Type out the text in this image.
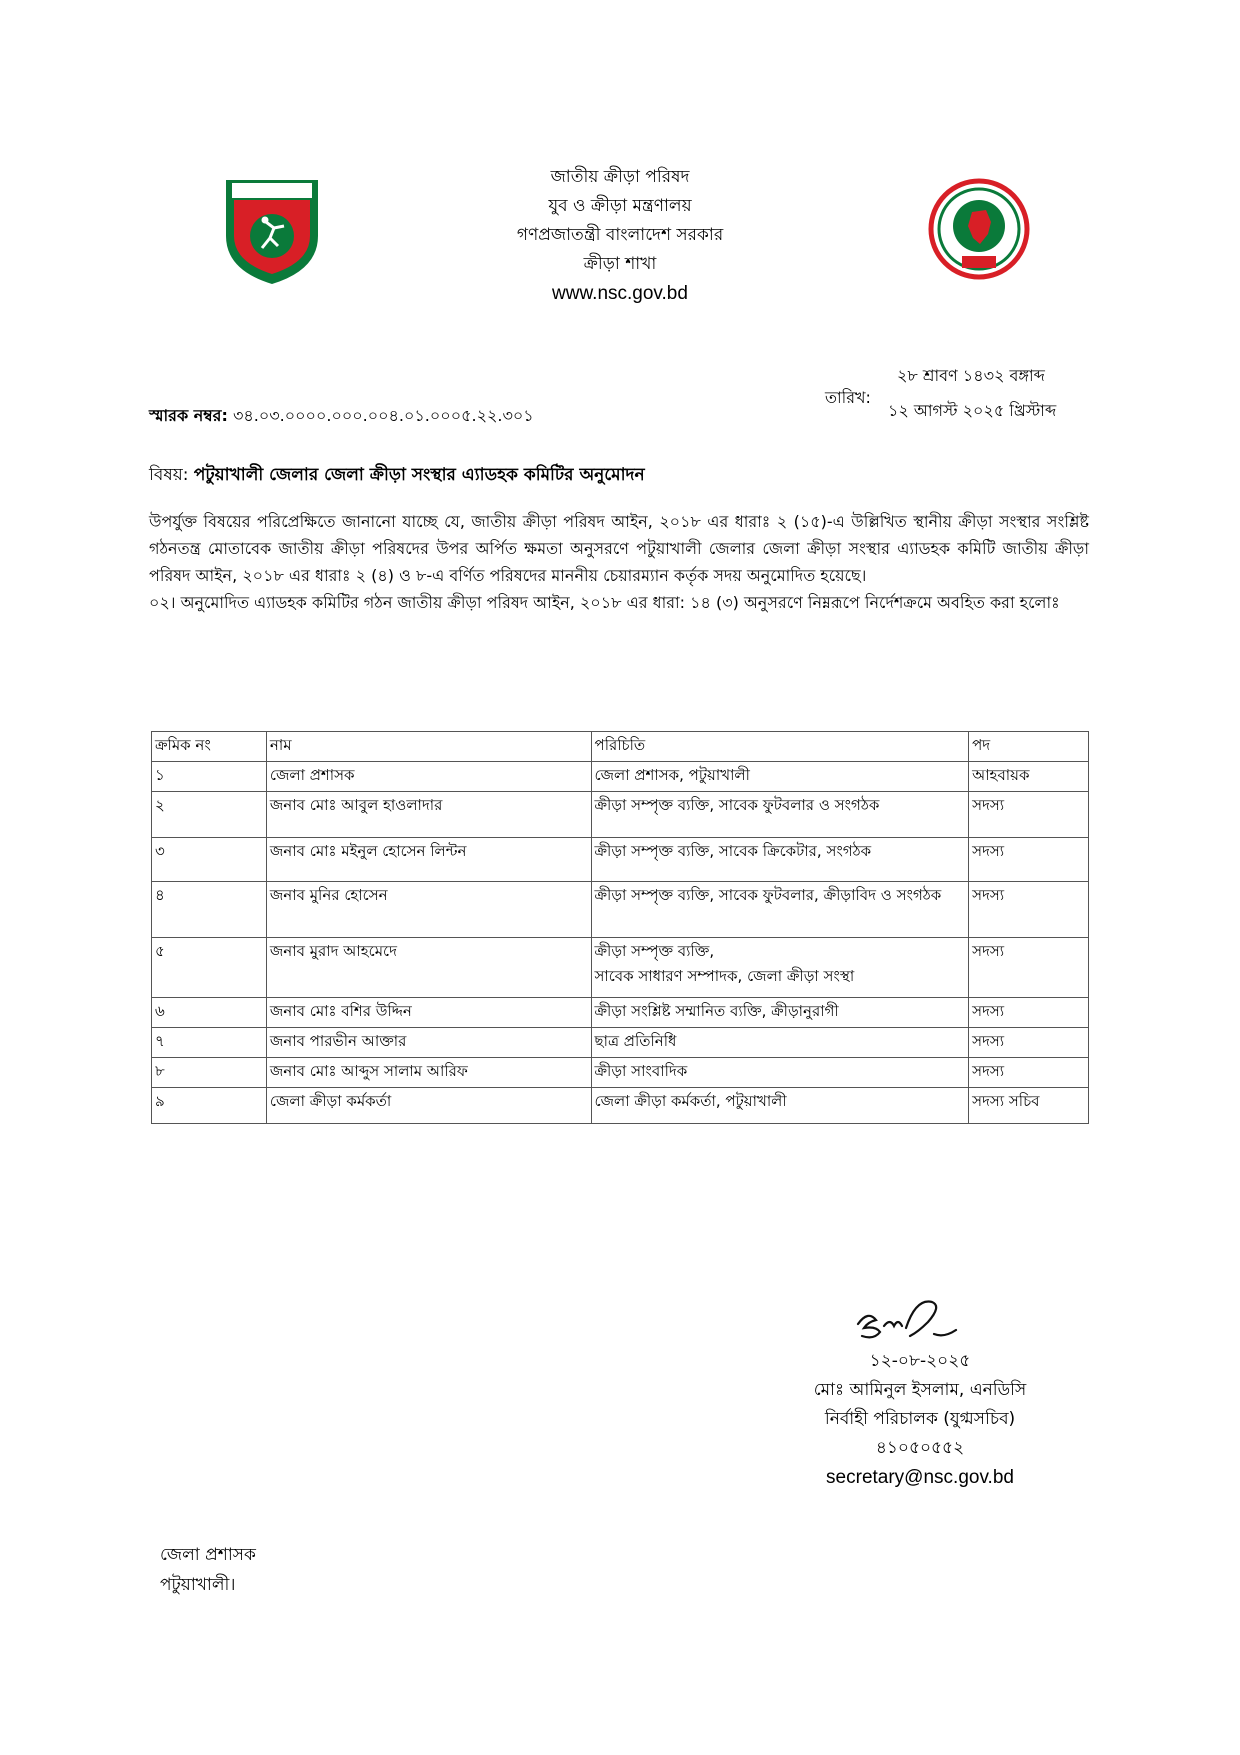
জাতীয় ক্রীড়া পরিষদ
যুব ও ক্রীড়া মন্ত্রণালয়
গণপ্রজাতন্ত্রী বাংলাদেশ সরকার
ক্রীড়া শাখা
www.nsc.gov.bd
তারিখ:
২৮ শ্রাবণ ১৪৩২ বঙ্গাব্দ
১২ আগস্ট ২০২৫ খ্রিস্টাব্দ
স্মারক নম্বর: ৩৪.০৩.০০০০.০০০.০০৪.০১.০০০৫.২২.৩০১
বিষয়: পটুয়াখালী জেলার জেলা ক্রীড়া সংস্থার এ্যাডহক কমিটির অনুমোদন

উপর্যুক্ত বিষয়ের পরিপ্রেক্ষিতে জানানো যাচ্ছে যে, জাতীয় ক্রীড়া পরিষদ আইন, ২০১৮ এর ধারাঃ ২ (১৫)-এ উল্লিখিত স্থানীয় ক্রীড়া সংস্থার সংশ্লিষ্ট গঠনতন্ত্র মোতাবেক জাতীয় ক্রীড়া পরিষদের উপর অর্পিত ক্ষমতা অনুসরণে পটুয়াখালী জেলার জেলা ক্রীড়া সংস্থার এ্যাডহক কমিটি জাতীয় ক্রীড়া পরিষদ আইন, ২০১৮ এর ধারাঃ ২ (৪) ও ৮-এ বর্ণিত পরিষদের মাননীয় চেয়ারম্যান কর্তৃক সদয় অনুমোদিত হয়েছে।

০২। অনুমোদিত এ্যাডহক কমিটির গঠন জাতীয় ক্রীড়া পরিষদ আইন, ২০১৮ এর ধারা: ১৪ (৩) অনুসরণে নিম্নরূপে নির্দেশক্রমে অবহিত করা হলোঃ

ক্রমিক নং	নাম	পরিচিতি	পদ
১	জেলা প্রশাসক	জেলা প্রশাসক, পটুয়াখালী	আহবায়ক
২	জনাব মোঃ আবুল হাওলাদার	ক্রীড়া সম্পৃক্ত ব্যক্তি, সাবেক ফুটবলার ও সংগঠক	সদস্য
৩	জনাব মোঃ মইনুল হোসেন লিন্টন	ক্রীড়া সম্পৃক্ত ব্যক্তি, সাবেক ক্রিকেটার, সংগঠক	সদস্য
৪	জনাব মুনির হোসেন	ক্রীড়া সম্পৃক্ত ব্যক্তি, সাবেক ফুটবলার, ক্রীড়াবিদ ও সংগঠক	সদস্য
৫	জনাব মুরাদ আহমেদে	ক্রীড়া সম্পৃক্ত ব্যক্তি,
সাবেক সাধারণ সম্পাদক, জেলা ক্রীড়া সংস্থা	সদস্য
৬	জনাব মোঃ বশির উদ্দিন	ক্রীড়া সংশ্লিষ্ট সম্মানিত ব্যক্তি, ক্রীড়ানুরাগী	সদস্য
৭	জনাব পারভীন আক্তার	ছাত্র প্রতিনিধি	সদস্য
৮	জনাব মোঃ আব্দুস সালাম আরিফ	ক্রীড়া সাংবাদিক	সদস্য
৯	জেলা ক্রীড়া কর্মকর্তা	জেলা ক্রীড়া কর্মকর্তা, পটুয়াখালী	সদস্য সচিব
১২-০৮-২০২৫
মোঃ আমিনুল ইসলাম, এনডিসি
নির্বাহী পরিচালক (যুগ্মসচিব)
৪১০৫০৫৫২
secretary@nsc.gov.bd
জেলা প্রশাসক
পটুয়াখালী।
